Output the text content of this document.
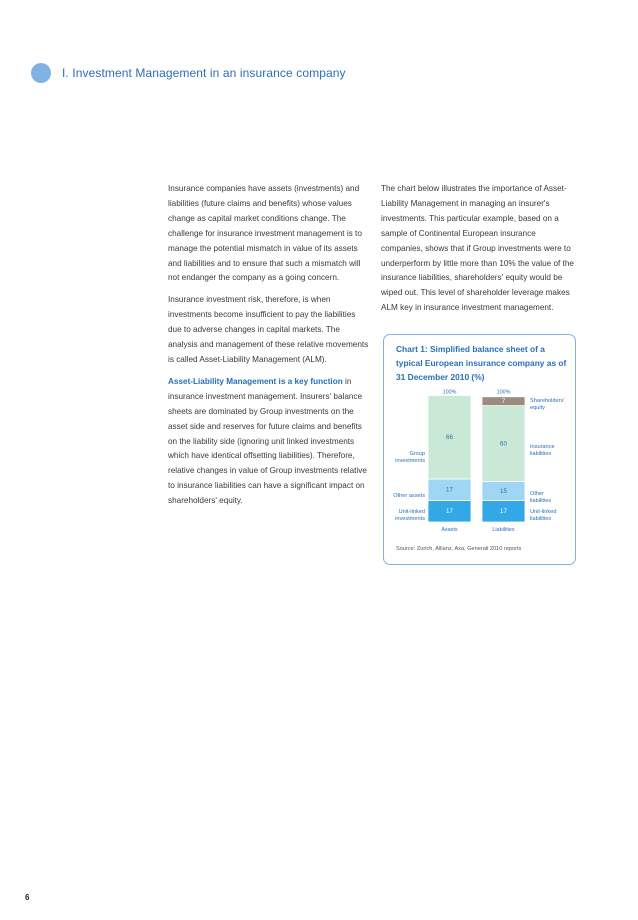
I. Investment Management in an insurance company

Insurance companies have assets (investments) and liabilities (future claims and benefits) whose values change as capital market conditions change. The challenge for insurance investment management is to manage the potential mismatch in value of its assets and liabilities and to ensure that such a mismatch will not endanger the company as a going concern.

Insurance investment risk, therefore, is when investments become insufficient to pay the liabilities due to adverse changes in capital markets. The analysis and management of these relative movements is called Asset-Liability Management (ALM).

Asset-Liability Management is a key function in insurance investment management. Insurers' balance sheets are dominated by Group investments on the asset side and reserves for future claims and benefits on the liability side (ignoring unit linked investments which have identical offsetting liabilities). Therefore, relative changes in value of Group investments relative to insurance liabilities can have a significant impact on shareholders' equity.

The chart below illustrates the importance of Asset-Liability Management in managing an insurer's investments. This particular example, based on a sample of Continental European insurance companies, shows that if Group investments were to underperform by little more than 10% the value of the insurance liabilities, shareholders' equity would be wiped out. This level of shareholder leverage makes ALM key in insurance investment management.

Chart 1: Simplified balance sheet of a typical European insurance company as of 31 December 2010 (%)
17
17
66
100%
Assets
17
15
60
7
100%
Liabilities
Group
investments
Other assets
Unit-linked
investments
Shareholders'
equity
Insurance
liabilities
Other
liabilities
Unit-linked
liabilities
Source: Zurich, Allianz, Axa, Generali 2010 reports
6
